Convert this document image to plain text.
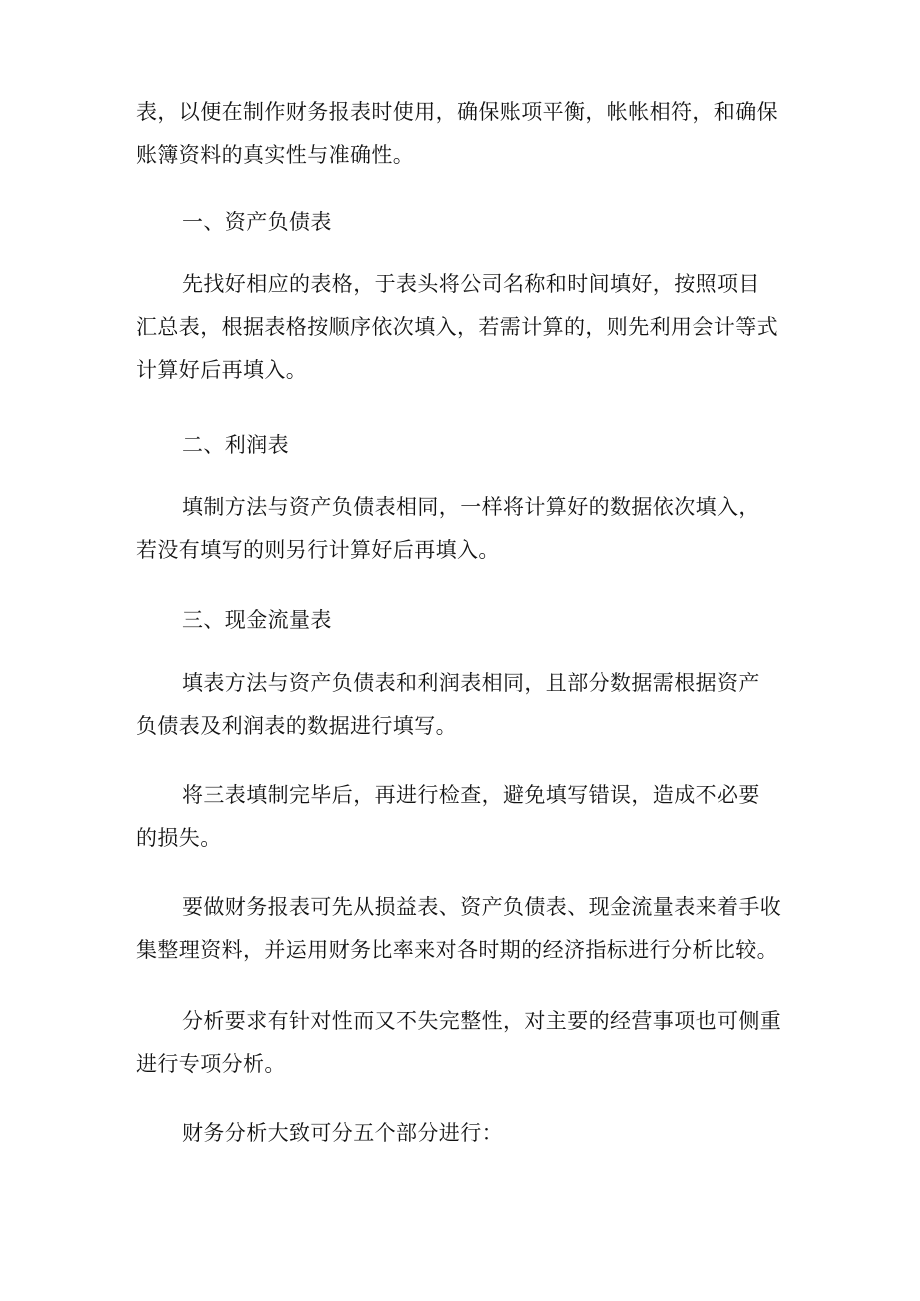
表，以便在制作财务报表时使用，确保账项平衡，帐帐相符，和确保
账簿资料的真实性与准确性。

一、资产负债表

先找好相应的表格，于表头将公司名称和时间填好，按照项目
汇总表，根据表格按顺序依次填入，若需计算的，则先利用会计等式
计算好后再填入。

二、利润表

填制方法与资产负债表相同，一样将计算好的数据依次填入，
若没有填写的则另行计算好后再填入。

三、现金流量表

填表方法与资产负债表和利润表相同，且部分数据需根据资产
负债表及利润表的数据进行填写。

将三表填制完毕后，再进行检查，避免填写错误，造成不必要
的损失。

要做财务报表可先从损益表、资产负债表、现金流量表来着手收
集整理资料，并运用财务比率来对各时期的经济指标进行分析比较。

分析要求有针对性而又不失完整性，对主要的经营事项也可侧重
进行专项分析。

财务分析大致可分五个部分进行：
